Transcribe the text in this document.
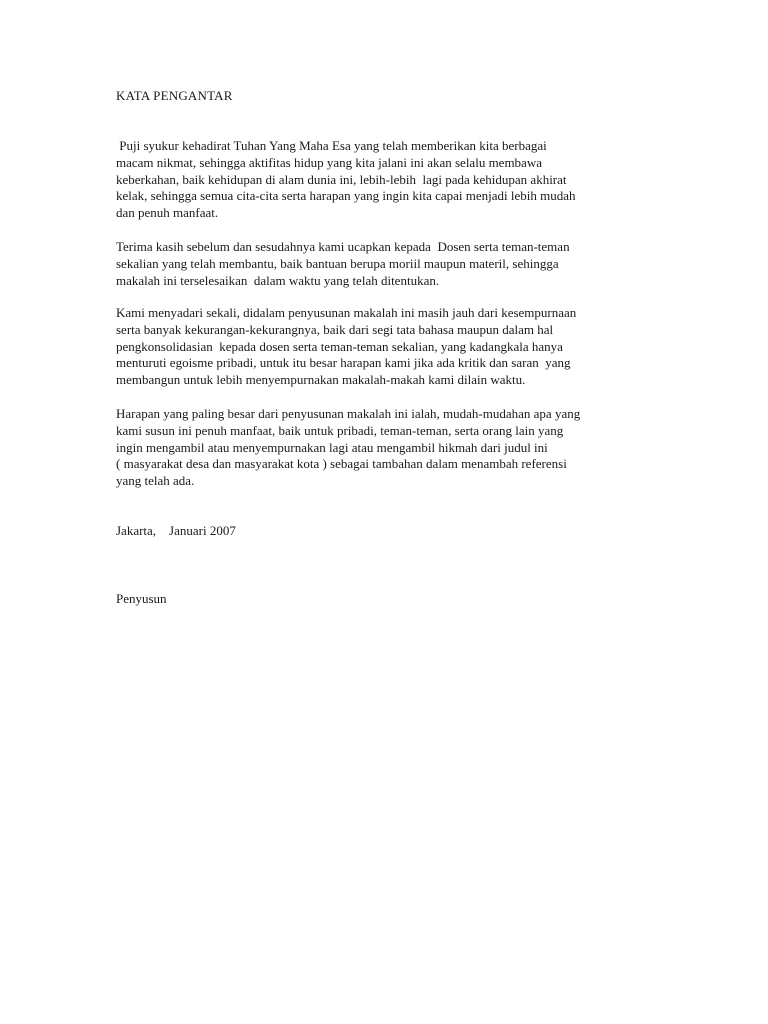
KATA PENGANTAR

Puji syukur kehadirat Tuhan Yang Maha Esa yang telah memberikan kita berbagai
macam nikmat, sehingga aktifitas hidup yang kita jalani ini akan selalu membawa
keberkahan, baik kehidupan di alam dunia ini, lebih-lebih  lagi pada kehidupan akhirat
kelak, sehingga semua cita-cita serta harapan yang ingin kita capai menjadi lebih mudah
dan penuh manfaat.

Terima kasih sebelum dan sesudahnya kami ucapkan kepada  Dosen serta teman-teman
sekalian yang telah membantu, baik bantuan berupa moriil maupun materil, sehingga
makalah ini terselesaikan  dalam waktu yang telah ditentukan.

Kami menyadari sekali, didalam penyusunan makalah ini masih jauh dari kesempurnaan
serta banyak kekurangan-kekurangnya, baik dari segi tata bahasa maupun dalam hal
pengkonsolidasian  kepada dosen serta teman-teman sekalian, yang kadangkala hanya
menturuti egoisme pribadi, untuk itu besar harapan kami jika ada kritik dan saran  yang
membangun untuk lebih menyempurnakan makalah-makah kami dilain waktu.

Harapan yang paling besar dari penyusunan makalah ini ialah, mudah-mudahan apa yang
kami susun ini penuh manfaat, baik untuk pribadi, teman-teman, serta orang lain yang
ingin mengambil atau menyempurnakan lagi atau mengambil hikmah dari judul ini
( masyarakat desa dan masyarakat kota ) sebagai tambahan dalam menambah referensi
yang telah ada.

Jakarta,    Januari 2007

Penyusun
